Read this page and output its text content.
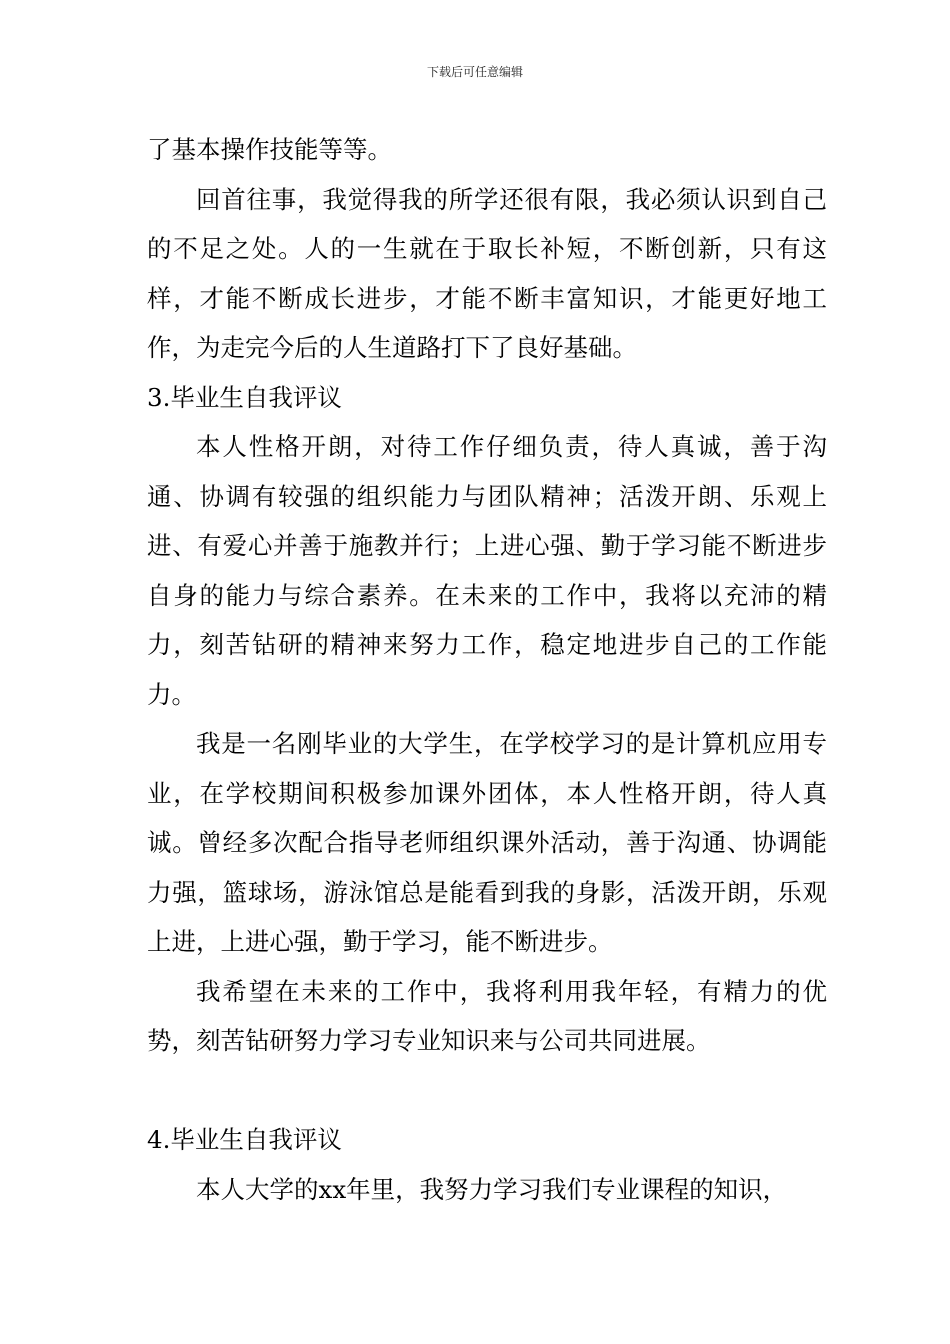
下载后可任意编辑

了基本操作技能等等。

回首往事，我觉得我的所学还很有限，我必须认识到自己的不足之处。人的一生就在于取长补短，不断创新，只有这样，才能不断成长进步，才能不断丰富知识，才能更好地工作，为走完今后的人生道路打下了良好基础。

3.毕业生自我评议

本人性格开朗，对待工作仔细负责，待人真诚，善于沟通、协调有较强的组织能力与团队精神；活泼开朗、乐观上进、有爱心并善于施教并行；上进心强、勤于学习能不断进步自身的能力与综合素养。在未来的工作中，我将以充沛的精力，刻苦钻研的精神来努力工作，稳定地进步自己的工作能力。

我是一名刚毕业的大学生，在学校学习的是计算机应用专业，在学校期间积极参加课外团体，本人性格开朗，待人真诚。曾经多次配合指导老师组织课外活动，善于沟通、协调能力强，篮球场，游泳馆总是能看到我的身影，活泼开朗，乐观上进，上进心强，勤于学习，能不断进步。

我希望在未来的工作中，我将利用我年轻，有精力的优势，刻苦钻研努力学习专业知识来与公司共同进展。

4.毕业生自我评议

本人大学的xx年里，我努力学习我们专业课程的知识，
